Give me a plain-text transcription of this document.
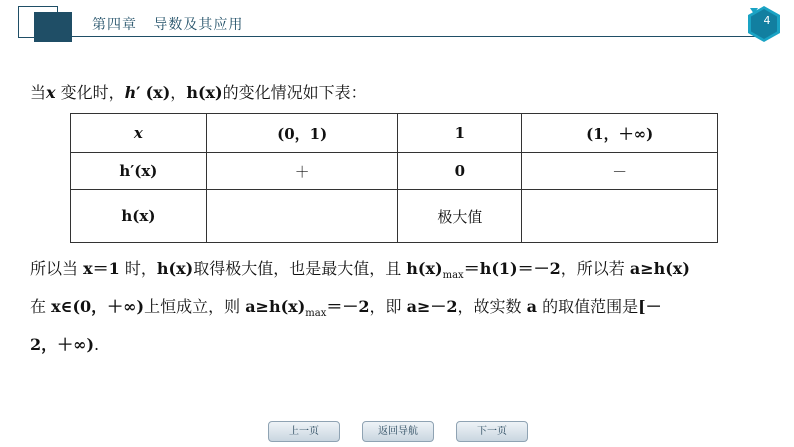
第四章 导数及其应用	4
当x 变化时，h′ (x)，h(x)的变化情况如下表：
x	(0，1)	1	(1，＋∞)
h′(x)	＋	0	－
h(x)		极大值	
所以当 x＝1 时，h(x)取得极大值，也是最大值，且 $h(x)_{max}=h(1)=-2$，所以若 a≥h(x)
在 x∈(0，＋∞)上恒成立，则 $a\ge h(x)_{max}=-2$，即 a≥－2，故实数 a 的取值范围是[－
2，＋∞).
上一页	返回导航	下一页
